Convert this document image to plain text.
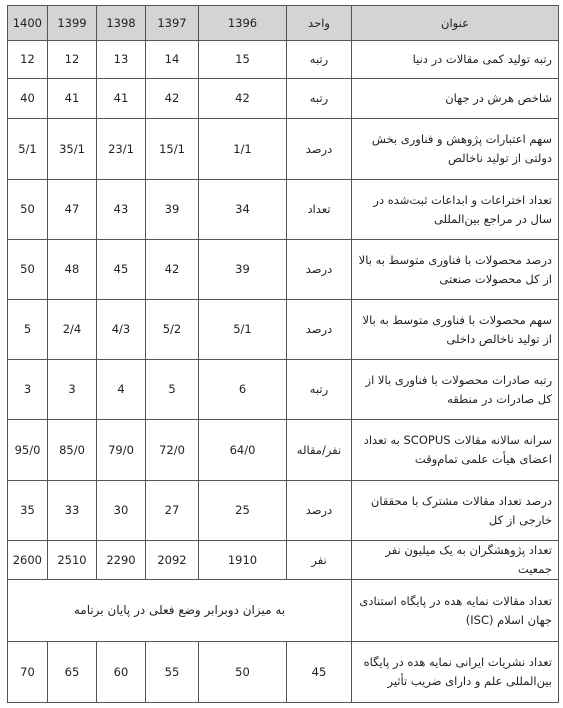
عنوان	واحد	1396	1397	1398	1399	1400
رتبه تولید کمی مقالات در دنیا	رتبه	15	14	13	12	12
شاخص هرش در جهان	رتبه	42	42	41	41	40
سهم اعتبارات پژوهش و فناوری بخش دولتی از تولید ناخالص	درصد	1/1	15/1	23/1	35/1	5/1
تعداد اختراعات و ابداعات ثبت‌شده در سال در مراجع بین‌المللی	تعداد	34	39	43	47	50
درصد محصولات با فناوری متوسط به بالا از کل محصولات صنعتی	درصد	39	42	45	48	50
سهم محصولات با فناوری متوسط به بالا از تولید ناخالص داخلی	درصد	5/1	5/2	4/3	2/4	5
رتبه صادرات محصولات با فناوری بالا از کل صادرات در منطقه	رتبه	6	5	4	3	3
سرانه سالانه مقالات SCOPUS به تعداد اعضای هیأت علمی تمام‌وقت	نفر/مقاله	64/0	72/0	79/0	85/0	95/0
درصد تعداد مقالات مشترک با محققان خارجی از کل	درصد	25	27	30	33	35
تعداد پژوهشگران به یک میلیون نفر جمعیت	نفر	1910	2092	2290	2510	2600
تعداد مقالات نمایه هده در پایگاه استنادی جهان اسلام (ISC)	به میزان دوبرابر وضع فعلی در پایان برنامه					
تعداد نشریات ایرانی نمایه هده در پایگاه بین‌المللی علم و دارای ضریب تأثیر	45	50	55	60	65	70
